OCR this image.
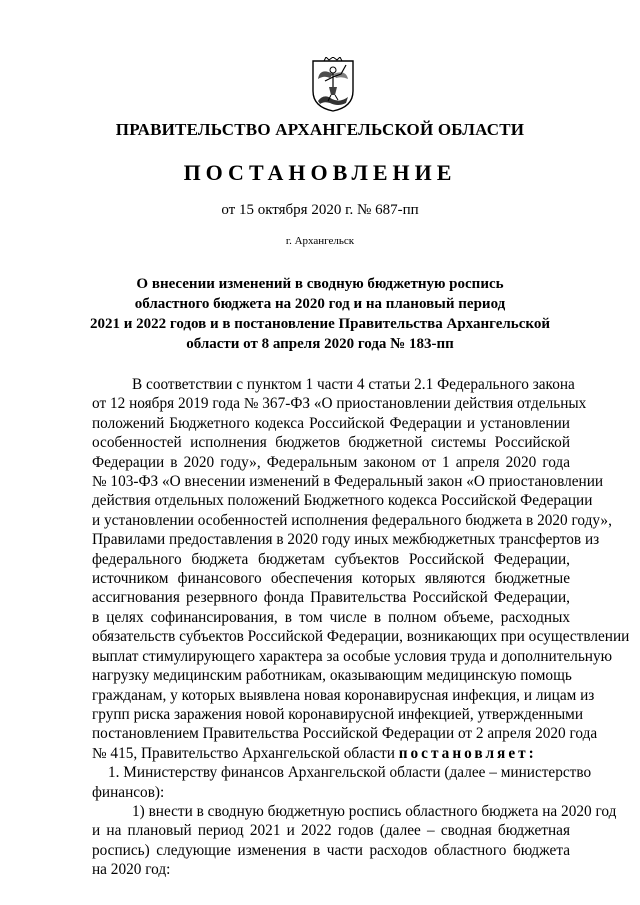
ПРАВИТЕЛЬСТВО АРХАНГЕЛЬСКОЙ ОБЛАСТИ
ПОСТАНОВЛЕНИЕ
от 15 октября 2020 г. № 687-пп
г. Архангельск
О внесении изменений в сводную бюджетную роспись
областного бюджета на 2020 год и на плановый период
2021 и 2022 годов и в постановление Правительства Архангельской
области от 8 апреля 2020 года № 183-пп
В соответствии с пунктом 1 части 4 статьи 2.1 Федерального закона
от 12 ноября 2019 года № 367-ФЗ «О приостановлении действия отдельных
положений Бюджетного кодекса Российской Федерации и установлении
особенностей исполнения бюджетов бюджетной системы Российской
Федерации в 2020 году», Федеральным законом от 1 апреля 2020 года
№ 103-ФЗ «О внесении изменений в Федеральный закон «О приостановлении
действия отдельных положений Бюджетного кодекса Российской Федерации
и установлении особенностей исполнения федерального бюджета в 2020 году»,
Правилами предоставления в 2020 году иных межбюджетных трансфертов из
федерального бюджета бюджетам субъектов Российской Федерации,
источником финансового обеспечения которых являются бюджетные
ассигнования резервного фонда Правительства Российской Федерации,
в целях софинансирования, в том числе в полном объеме, расходных
обязательств субъектов Российской Федерации, возникающих при осуществлении
выплат стимулирующего характера за особые условия труда и дополнительную
нагрузку медицинским работникам, оказывающим медицинскую помощь
гражданам, у которых выявлена новая коронавирусная инфекция, и лицам из
групп риска заражения новой коронавирусной инфекцией, утвержденными
постановлением Правительства Российской Федерации от 2 апреля 2020 года
№ 415, Правительство Архангельской области постановляет:
1. Министерству финансов Архангельской области (далее – министерство
финансов):
1) внести в сводную бюджетную роспись областного бюджета на 2020 год
и на плановый период 2021 и 2022 годов (далее – сводная бюджетная
роспись) следующие изменения в части расходов областного бюджета
на 2020 год:
